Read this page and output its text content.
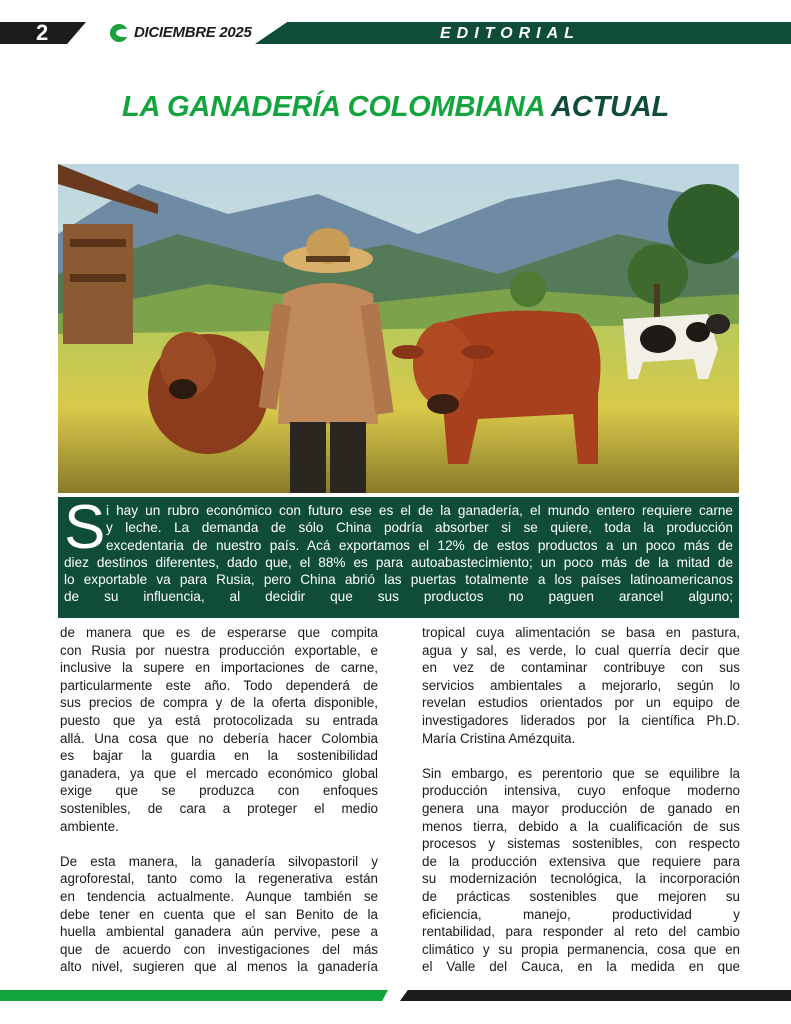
2	DICIEMBRE 2025	EDITORIAL
LA GANADERÍA COLOMBIANA ACTUAL
S i hay un rubro económico con futuro ese es el de la ganadería, el mundo entero requiere carne
y leche. La demanda de sólo China podría absorber si se quiere, toda la producción
excedentaria de nuestro país. Acá exportamos el 12% de estos productos a un poco más de
diez destinos diferentes, dado que, el 88% es para autoabastecimiento; un poco más de la mitad de
lo exportable va para Rusia, pero China abrió las puertas totalmente a los países latinoamericanos
de su influencia, al decidir que sus productos no paguen arancel alguno;
de manera que es de esperarse que compita
con Rusia por nuestra producción exportable, e
inclusive la supere en importaciones de carne,
particularmente este año. Todo dependerá de
sus precios de compra y de la oferta disponible,
puesto que ya está protocolizada su entrada
allá. Una cosa que no debería hacer Colombia
es bajar la guardia en la sostenibilidad
ganadera, ya que el mercado económico global
exige que se produzca con enfoques
sostenibles, de cara a proteger el medio
ambiente.
De esta manera, la ganadería silvopastoril y
agroforestal, tanto como la regenerativa están
en tendencia actualmente. Aunque también se
debe tener en cuenta que el san Benito de la
huella ambiental ganadera aún pervive, pese a
que de acuerdo con investigaciones del más
alto nivel, sugieren que al menos la ganadería
tropical cuya alimentación se basa en pastura,
agua y sal, es verde, lo cual querría decir que
en vez de contaminar contribuye con sus
servicios ambientales a mejorarlo, según lo
revelan estudios orientados por un equipo de
investigadores liderados por la científica Ph.D.
María Cristina Amézquita.
Sin embargo, es perentorio que se equilibre la
producción intensiva, cuyo enfoque moderno
genera una mayor producción de ganado en
menos tierra, debido a la cualificación de sus
procesos y sistemas sostenibles, con respecto
de la producción extensiva que requiere para
su modernización tecnológica, la incorporación
de prácticas sostenibles que mejoren su
eficiencia, manejo, productividad y
rentabilidad, para responder al reto del cambio
climático y su propia permanencia, cosa que en
el Valle del Cauca, en la medida en que
